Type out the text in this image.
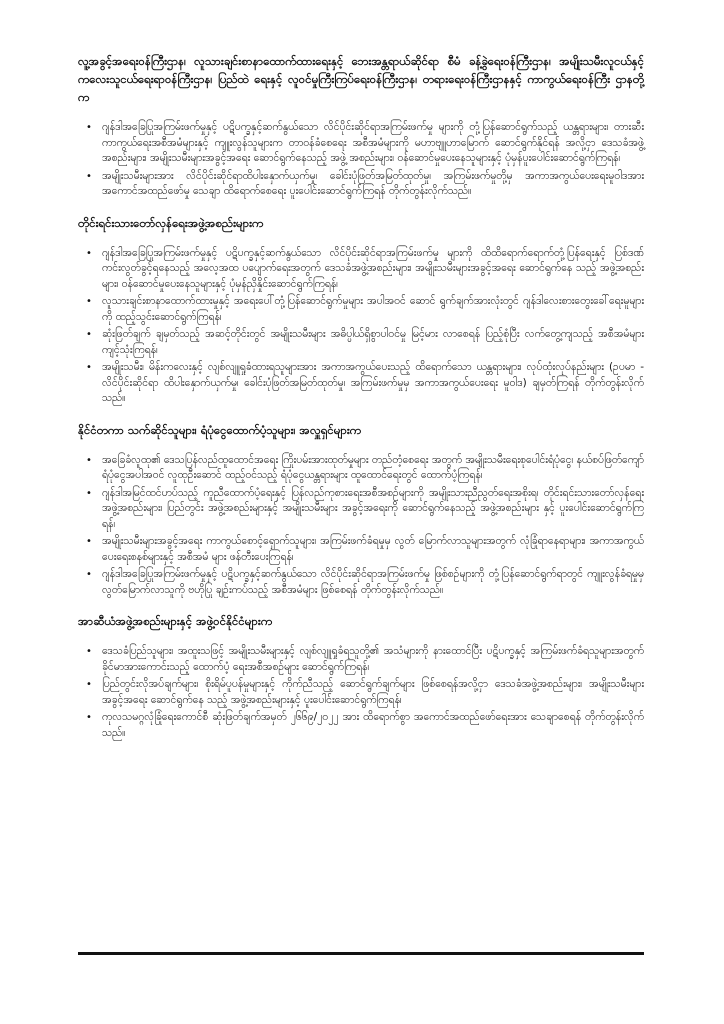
လူ့အခွင့်အရေးဝန်ကြီးဌာန၊ လူသားချင်းစာနာထောက်ထားရေးနှင့် ဘေးအန္တရာယ်ဆိုင်ရာ စီမံ ခန့်ခွဲရေးဝန်ကြီးဌာန၊ အမျိုးသမီးလူငယ်နှင့် ကလေးသူငယ်ရေးရာဝန်ကြီးဌာန၊ ပြည်ထဲ ရေးနှင့် လူဝင်မှုကြီးကြပ်ရေးဝန်ကြီးဌာန၊ တရားရေးဝန်ကြီးဌာနနှင့် ကာကွယ်ရေးဝန်ကြီး ဌာနတို့က
• ဂျန်ဒါအခြေပြုအကြမ်းဖက်မှုနှင့် ပဋိပက္ခနှင့်ဆက်နွယ်သော လိင်ပိုင်းဆိုင်ရာအကြမ်းဖက်မှု များကို တုံ့ပြန်ဆောင်ရွက်သည့် ယန္တရားများ၊ တားဆီးကာကွယ်ရေးအစီအမံများနှင့် ကျူးလွန်သူများက တာဝန်ခံစေရေး အစီအမံများကို မဟာဗျူဟာမြောက် ဆောင်ရွက်နိုင်ရန် အလို့ငှာ ဒေသခံအဖွဲ့အစည်းများ၊ အမျိုးသမီးများအခွင့်အရေး ဆောင်ရွက်နေသည့် အဖွဲ့ အစည်းများ၊ ဝန်ဆောင်မှုပေးနေသူများနှင့် ပုံမှန်ပူးပေါင်းဆောင်ရွက်ကြရန်၊
• အမျိုးသမီးများအား လိင်ပိုင်းဆိုင်ရာထိပါးနှောက်ယှက်မှု၊ ခေါင်းပုံဖြတ်အမြတ်ထုတ်မှု၊ အကြမ်းဖက်မှုတို့မှ အကာအကွယ်ပေးရေးမူဝါဒအား အကောင်အထည်ဖော်မှု သေချာ ထိရောက်စေရေး ပူးပေါင်းဆောင်ရွက်ကြရန် တိုက်တွန်းလိုက်သည်။
တိုင်းရင်းသားတော်လှန်ရေးအဖွဲ့အစည်းများက
• ဂျန်ဒါအခြေပြုအကြမ်းဖက်မှုနှင့် ပဋိပက္ခနှင့်ဆက်နွယ်သော လိင်ပိုင်းဆိုင်ရာအကြမ်းဖက်မှု များကို ထိထိရောက်ရောက်တုံ့ပြန်ရေးနှင့် ပြစ်ဒဏ်ကင်းလွတ်ခွင့်ရနေသည့် အလေ့အထ ပပျောက်ရေးအတွက် ဒေသခံအဖွဲ့အစည်းများ၊ အမျိုးသမီးများအခွင့်အရေး ဆောင်ရွက်နေ သည့် အဖွဲ့အစည်းများ၊ ဝန်ဆောင်မှုပေးနေသူများနှင့် ပုံမှန်ညှိနှိုင်းဆောင်ရွက်ကြရန်၊
• လူသားချင်းစာနာထောက်ထားမှုနှင့် အရေးပေါ်တုံ့ပြန်ဆောင်ရွက်မှုများ အပါအဝင် ဆောင် ရွက်ချက်အားလုံးတွင် ဂျန်ဒါလေးစားတွေးခေါ်ရေးမူများကို ထည့်သွင်းဆောင်ရွက်ကြရန်၊
• ဆုံးဖြတ်ချက် ချမှတ်သည့် အဆင့်တိုင်းတွင် အမျိုးသမီးများ အဓိပ္ပါယ်ရှိစွာပါဝင်မှု မြင့်မား လာစေရန် ပြည့်စုံပြီး လက်တွေ့ကျသည့် အစီအမံများ ကျင့်သုံးကြရန်၊
• အမျိုးသမီး၊ မိန်းကလေးနှင့် လျစ်လျူရှုခံထားရသူများအား အကာအကွယ်ပေးသည့် ထိရောက်သော ယန္တရားများ၊ လုပ်ထုံးလုပ်နည်းများ (ဥပမာ - လိင်ပိုင်းဆိုင်ရာ ထိပါးနှောက်ယှက်မှု၊ ခေါင်းပုံဖြတ်အမြတ်ထုတ်မှု၊ အကြမ်းဖက်မှုမှ အကာအကွယ်ပေးရေး မူဝါဒ) ချမှတ်ကြရန် တိုက်တွန်းလိုက်သည်။
နိုင်ငံတကာ သက်ဆိုင်သူများ၊ ရံပုံငွေထောက်ပံ့သူများ၊ အလှူရှင်များက
• အခြေခံလူထု၏ ဒေသပြန်လည်ထူထောင်အရေး ကြိုးပမ်းအားထုတ်မှုများ တည်တံ့စေရေး အတွက် အမျိုးသမီးရေးစုပေါင်းရံပုံငွေ၊ နယ်စပ်ဖြတ်ကျော်ရံပုံငွေအပါအဝင် လူထုဦးဆောင် ထည့်ဝင်သည့် ရံပုံငွေယန္တရားများ ထူထောင်ရေးတွင် ထောက်ပံ့ကြရန်၊
• ဂျန်ဒါအမြင်ထင်ဟပ်သည့် ကူညီထောက်ပံ့ရေးနှင့် ပြန်လည်ကုစားရေးအစီအစဉ်များကို အမျိုးသားညီညွတ်ရေးအစိုးရ၊ တိုင်းရင်းသားတော်လှန်ရေးအဖွဲ့အစည်းများ၊ ပြည်တွင်း အဖွဲ့အစည်းများနှင့် အမျိုးသမီးများ အခွင့်အရေးကို ဆောင်ရွက်နေသည့် အဖွဲ့အစည်းများ နှင့် ပူးပေါင်းဆောင်ရွက်ကြရန်၊
• အမျိုးသမီးများအခွင့်အရေး ကာကွယ်စောင့်ရှောက်သူများ၊ အကြမ်းဖက်ခံရမှုမှ လွတ် မြောက်လာသူများအတွက် လုံခြုံရာနေရာများ၊ အကာအကွယ်ပေးရေးစနစ်များနှင့် အစီအမံ များ ဖန်တီးပေးကြရန်၊
• ဂျန်ဒါအခြေပြုအကြမ်းဖက်မှုနှင့် ပဋိပက္ခနှင့်ဆက်နွယ်သော လိင်ပိုင်းဆိုင်ရာအကြမ်းဖက်မှု ဖြစ်စဉ်များကို တုံ့ပြန်ဆောင်ရွက်ရာတွင် ကျူးလွန်ခံရမှုမှ လွတ်မြောက်လာသူကို ဗဟိုပြု ချဉ်းကပ်သည့် အစီအမံများ ဖြစ်စေရန် တိုက်တွန်းလိုက်သည်။
အာဆီယံအဖွဲ့အစည်းများနှင့် အဖွဲ့ဝင်နိုင်ငံများက
• ဒေသခံပြည်သူများ၊ အထူးသဖြင့် အမျိုးသမီးများနှင့် လျစ်လျူရှုခံရသူတို့၏ အသံများကို နားထောင်ပြီး ပဋိပက္ခနှင့် အကြမ်းဖက်ခံရသူများအတွက် ခိုင်မာအားကောင်းသည့် ထောက်ပံ့ ရေးအစီအစဉ်များ ဆောင်ရွက်ကြရန်၊
• ပြည်တွင်းလိုအပ်ချက်များ၊ စိုးရိမ်ပူပန်မှုများနှင့် ကိုက်ညီသည့် ဆောင်ရွက်ချက်များ ဖြစ်စေရန်အလို့ငှာ ဒေသခံအဖွဲ့အစည်းများ၊ အမျိုးသမီးများအခွင့်အရေး ဆောင်ရွက်နေ သည့် အဖွဲ့အစည်းများနှင့် ပူးပေါင်းဆောင်ရွက်ကြရန်၊
• ကုလသမဂ္ဂလုံခြုံရေးကောင်စီ ဆုံးဖြတ်ချက်အမှတ် ၂၆၆၉/၂၀၂၂ အား ထိရောက်စွာ အကောင်အထည်ဖော်ရေးအား သေချာစေရန် တိုက်တွန်းလိုက်သည်။
